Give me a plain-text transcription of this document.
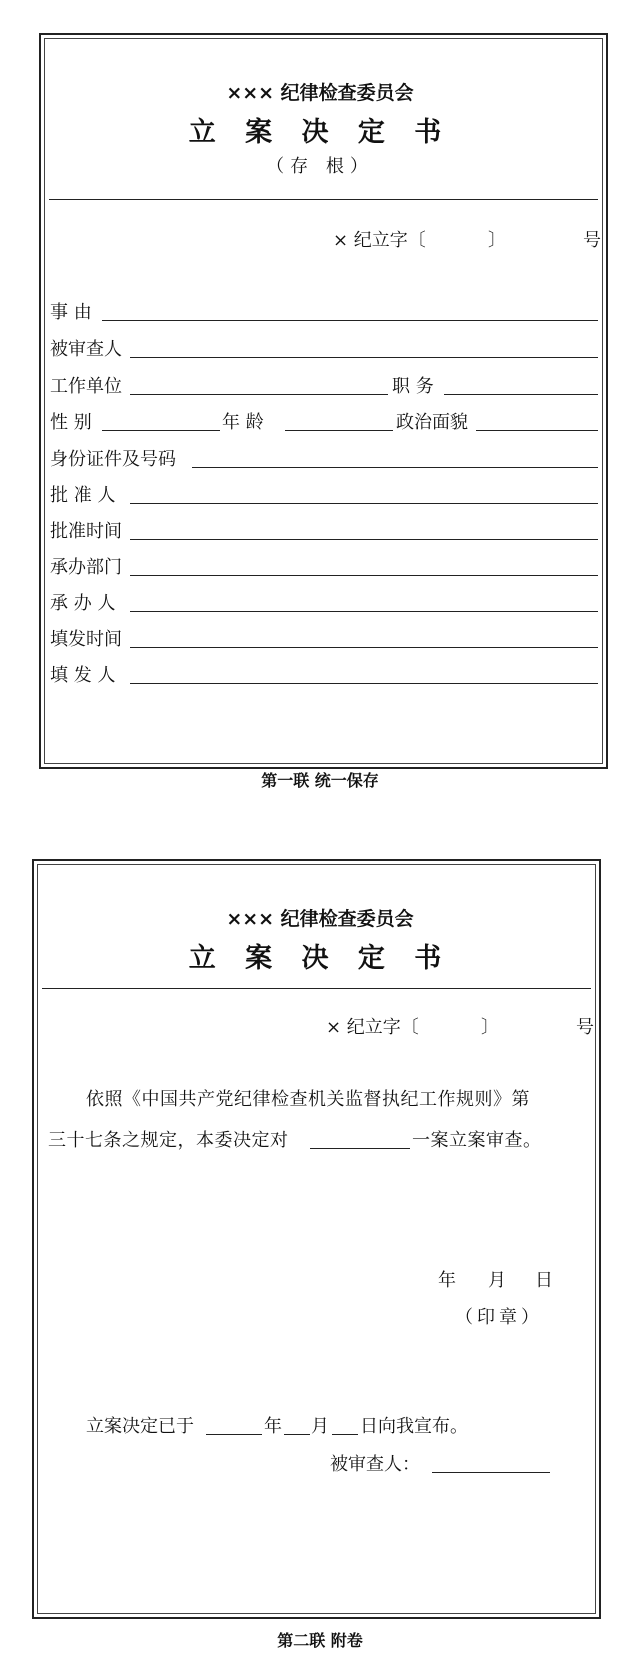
××× 纪律检查委员会
立 案 决 定 书
（存 根）
× 纪立字〔	〕	号
事 由
被审查人
工作单位	职 务
性 别	年 龄	政治面貌
身份证件及号码
批 准 人
批准时间
承办部门
承 办 人
填发时间
填 发 人
第一联 统一保存
××× 纪律检查委员会
立 案 决 定 书
× 纪立字〔	〕	号
依照《中国共产党纪律检查机关监督执纪工作规则》第
三十七条之规定，本委决定对	一案立案审查。
年 月 日
（印章）
立案决定已于	年 月 日向我宣布。
被审查人：
第二联 附卷
